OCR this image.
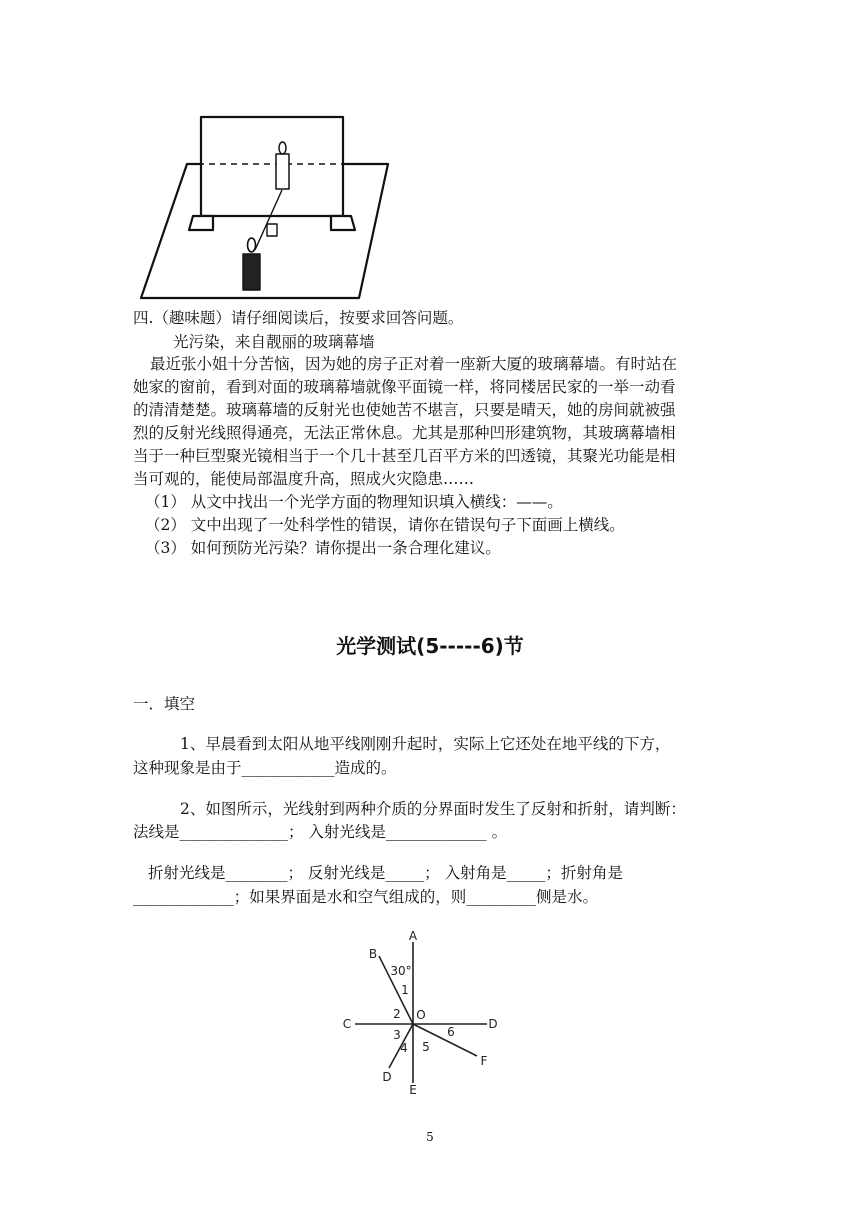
四.（趣味题）请仔细阅读后，按要求回答问题。
光污染，来自靓丽的玻璃幕墙
最近张小姐十分苦恼，因为她的房子正对着一座新大厦的玻璃幕墙。有时站在
她家的窗前，看到对面的玻璃幕墙就像平面镜一样，将同楼居民家的一举一动看
的清清楚楚。玻璃幕墙的反射光也使她苦不堪言，只要是晴天，她的房间就被强
烈的反射光线照得通亮，无法正常休息。尤其是那种凹形建筑物，其玻璃幕墙相
当于一种巨型聚光镜相当于一个几十甚至几百平方米的凹透镜，其聚光功能是相
当可观的，能使局部温度升高，照成火灾隐患……
（1） 从文中找出一个光学方面的物理知识填入横线：——。
（2） 文中出现了一处科学性的错误，请你在错误句子下面画上横线。
（3） 如何预防光污染？请你提出一条合理化建议。
光学测试(5-----6)节
一．填空
1、早晨看到太阳从地平线刚刚升起时，实际上它还处在地平线的下方，
这种现象是由于____________造成的。
2、如图所示，光线射到两种介质的分界面时发生了反射和折射，请判断：
法线是______________； 入射光线是_____________ 。
折射光线是________； 反射光线是_____； 入射角是_____；折射角是
_____________；如果界面是水和空气组成的，则_________侧是水。
A
B
C	D
D
E
F
O
30°
1
2
3
4 5
6
5
